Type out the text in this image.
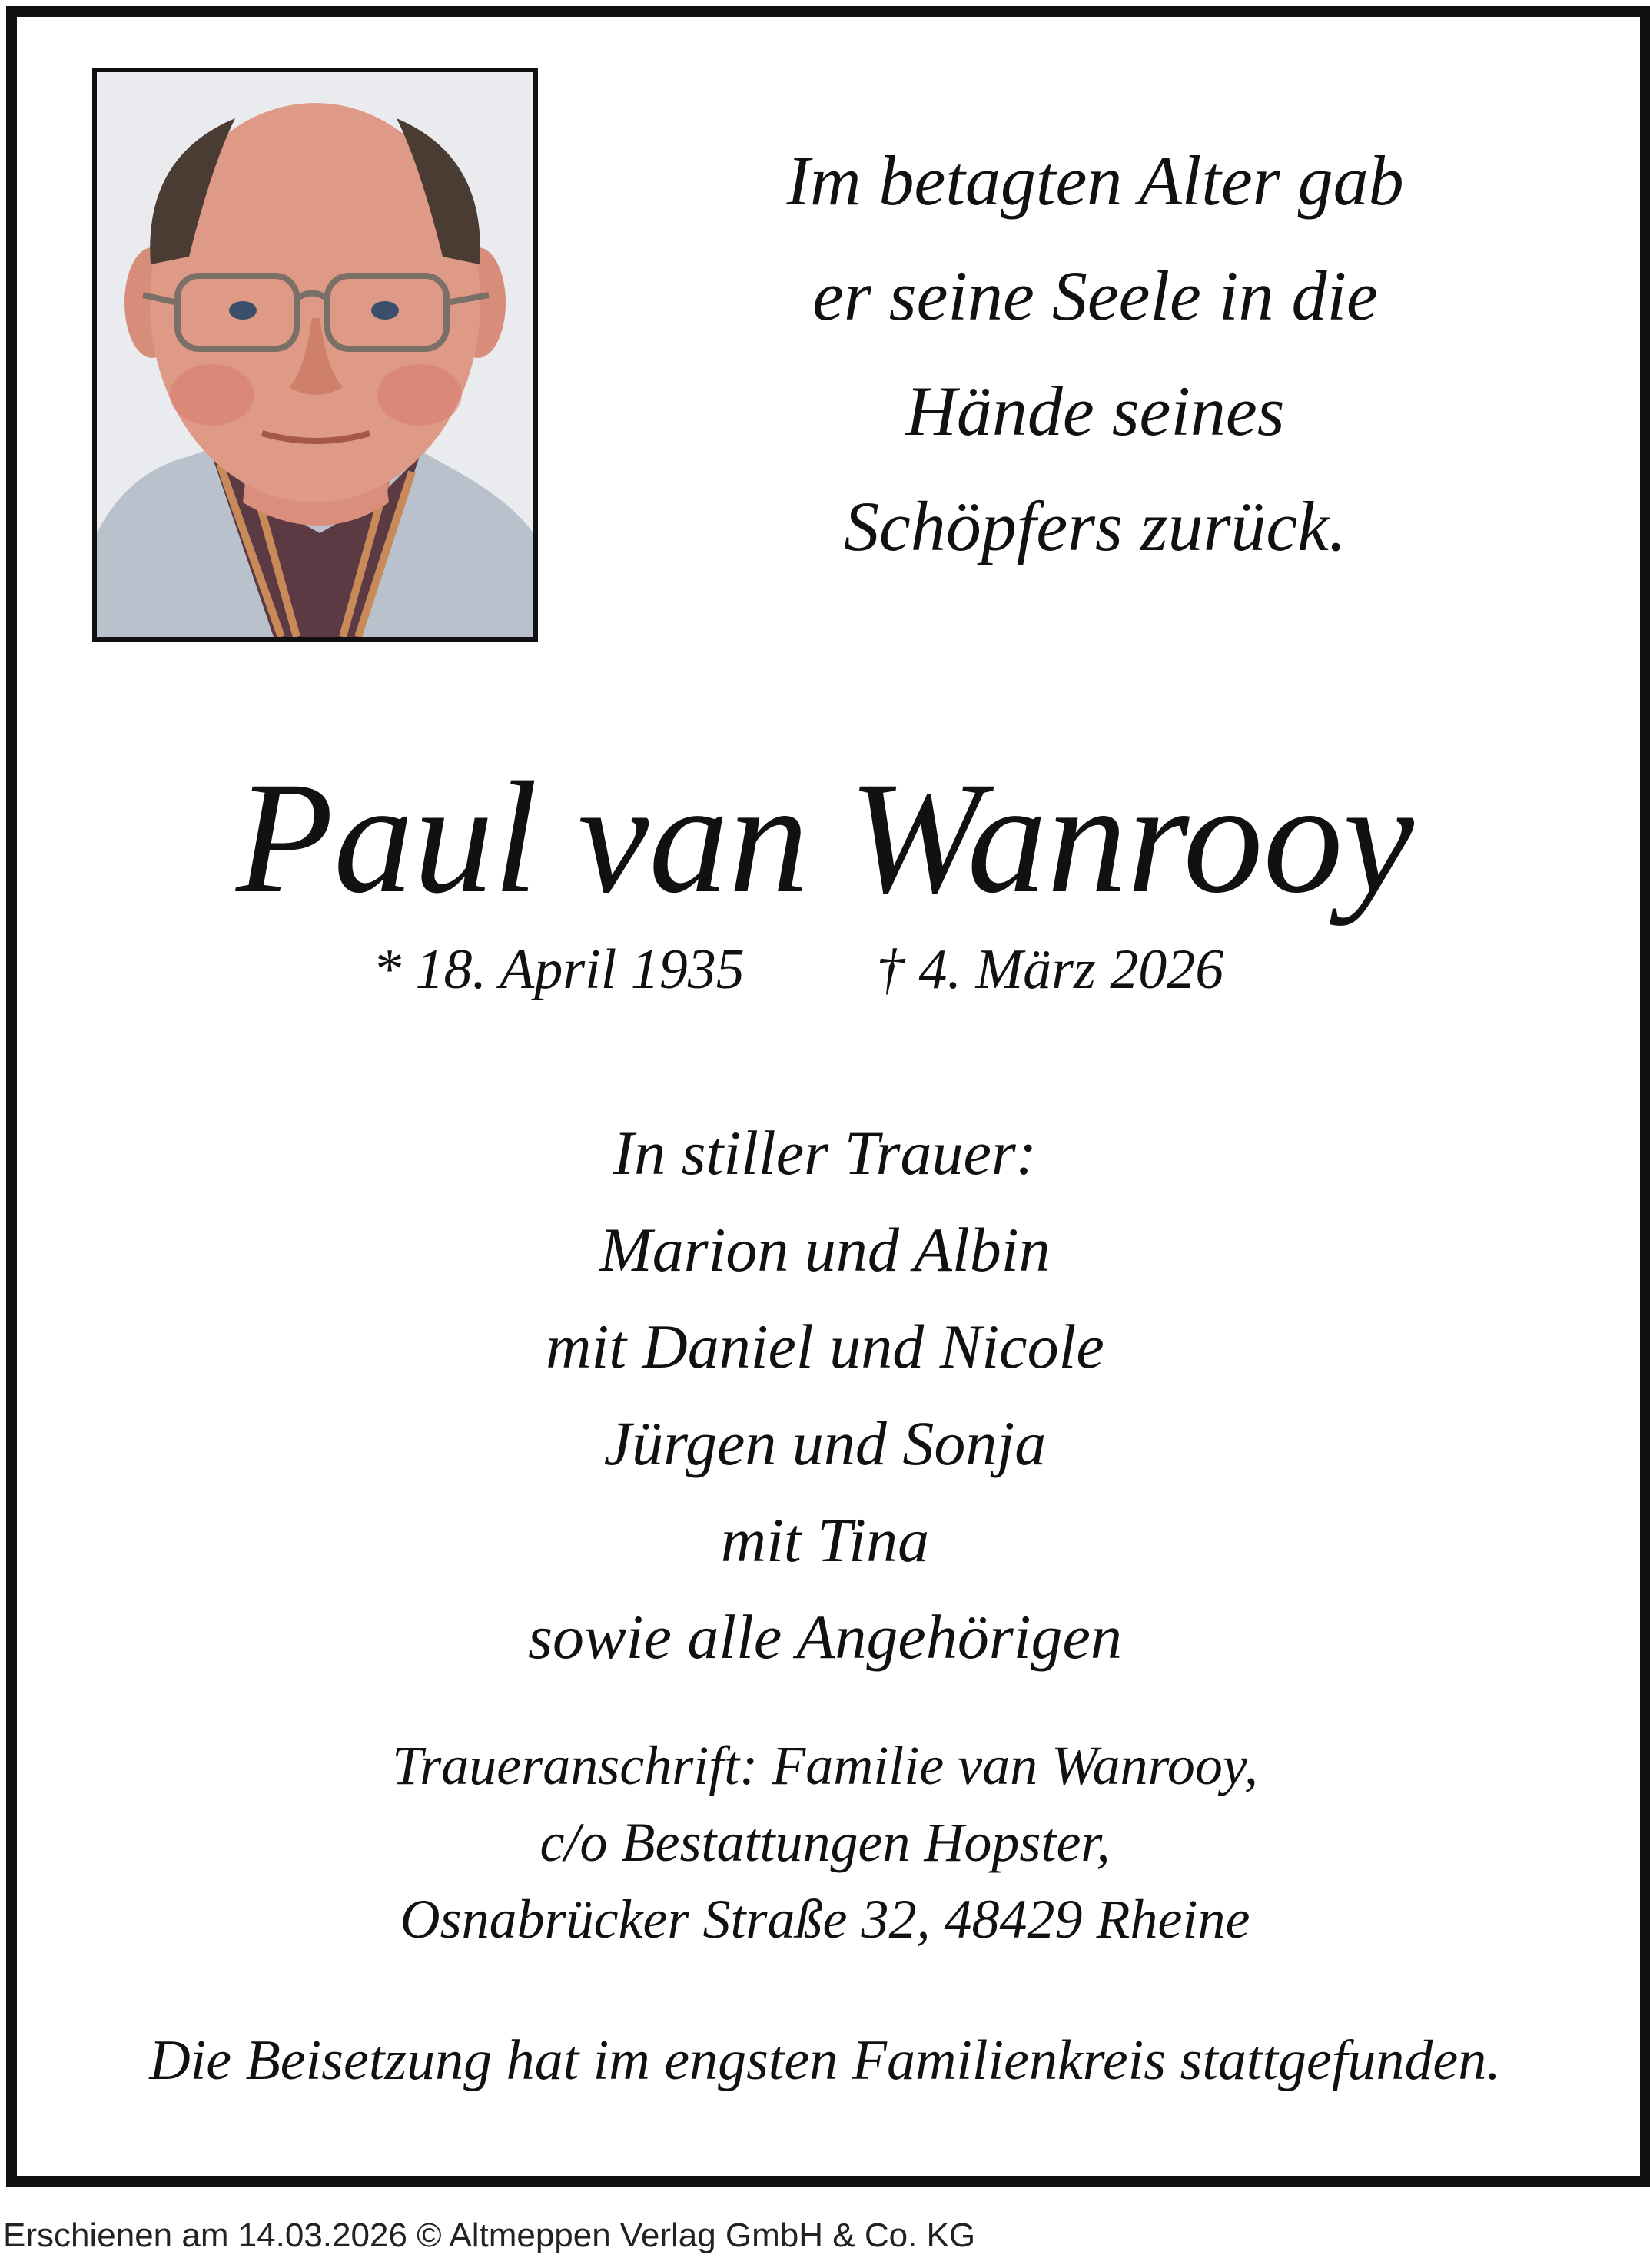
Im betagten Alter gab
er seine Seele in die
Hände seines
Schöpfers zurück.
Paul van Wanrooy
* 18. April 1935 † 4. März 2026
In stiller Trauer:
Marion und Albin
mit Daniel und Nicole
Jürgen und Sonja
mit Tina
sowie alle Angehörigen
Traueranschrift: Familie van Wanrooy,
c/o Bestattungen Hopster,
Osnabrücker Straße 32, 48429 Rheine
Die Beisetzung hat im engsten Familienkreis stattgefunden.
Erschienen am 14.03.2026 © Altmeppen Verlag GmbH & Co. KG
